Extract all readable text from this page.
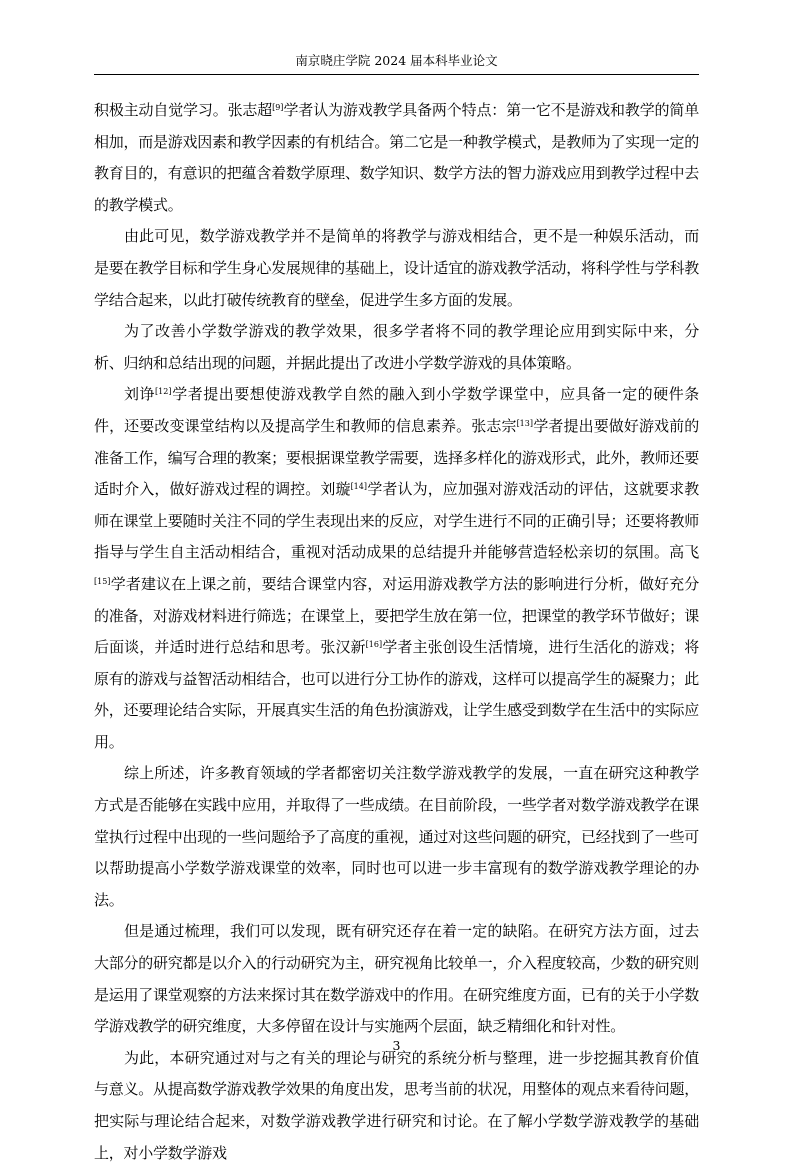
南京晓庄学院 2024 届本科毕业论文

积极主动自觉学习。张志超[9]学者认为游戏教学具备两个特点：第一它不是游戏和教学的简单相加，而是游戏因素和教学因素的有机结合。第二它是一种教学模式，是教师为了实现一定的教育目的，有意识的把蕴含着数学原理、数学知识、数学方法的智力游戏应用到教学过程中去的教学模式。

由此可见，数学游戏教学并不是简单的将教学与游戏相结合，更不是一种娱乐活动，而是要在教学目标和学生身心发展规律的基础上，设计适宜的游戏教学活动，将科学性与学科教学结合起来，以此打破传统教育的壁垒，促进学生多方面的发展。

为了改善小学数学游戏的教学效果，很多学者将不同的教学理论应用到实际中来，分析、归纳和总结出现的问题，并据此提出了改进小学数学游戏的具体策略。

刘诤[12]学者提出要想使游戏教学自然的融入到小学数学课堂中，应具备一定的硬件条件，还要改变课堂结构以及提高学生和教师的信息素养。张志宗[13]学者提出要做好游戏前的准备工作，编写合理的教案；要根据课堂教学需要，选择多样化的游戏形式，此外，教师还要适时介入，做好游戏过程的调控。刘璇[14]学者认为，应加强对游戏活动的评估，这就要求教师在课堂上要随时关注不同的学生表现出来的反应，对学生进行不同的正确引导；还要将教师指导与学生自主活动相结合，重视对活动成果的总结提升并能够营造轻松亲切的氛围。高飞[15]学者建议在上课之前，要结合课堂内容，对运用游戏教学方法的影响进行分析，做好充分的准备，对游戏材料进行筛选；在课堂上，要把学生放在第一位，把课堂的教学环节做好；课后面谈，并适时进行总结和思考。张汉新[16]学者主张创设生活情境，进行生活化的游戏；将原有的游戏与益智活动相结合，也可以进行分工协作的游戏，这样可以提高学生的凝聚力；此外，还要理论结合实际，开展真实生活的角色扮演游戏，让学生感受到数学在生活中的实际应用。

综上所述，许多教育领域的学者都密切关注数学游戏教学的发展，一直在研究这种教学方式是否能够在实践中应用，并取得了一些成绩。在目前阶段，一些学者对数学游戏教学在课堂执行过程中出现的一些问题给予了高度的重视，通过对这些问题的研究，已经找到了一些可以帮助提高小学数学游戏课堂的效率，同时也可以进一步丰富现有的数学游戏教学理论的办法。

但是通过梳理，我们可以发现，既有研究还存在着一定的缺陷。在研究方法方面，过去大部分的研究都是以介入的行动研究为主，研究视角比较单一，介入程度较高，少数的研究则是运用了课堂观察的方法来探讨其在数学游戏中的作用。在研究维度方面，已有的关于小学数学游戏教学的研究维度，大多停留在设计与实施两个层面，缺乏精细化和针对性。

为此，本研究通过对与之有关的理论与研究的系统分析与整理，进一步挖掘其教育价值与意义。从提高数学游戏教学效果的角度出发，思考当前的状况，用整体的观点来看待问题，把实际与理论结合起来，对数学游戏教学进行研究和讨论。在了解小学数学游戏教学的基础上，对小学数学游戏

3
